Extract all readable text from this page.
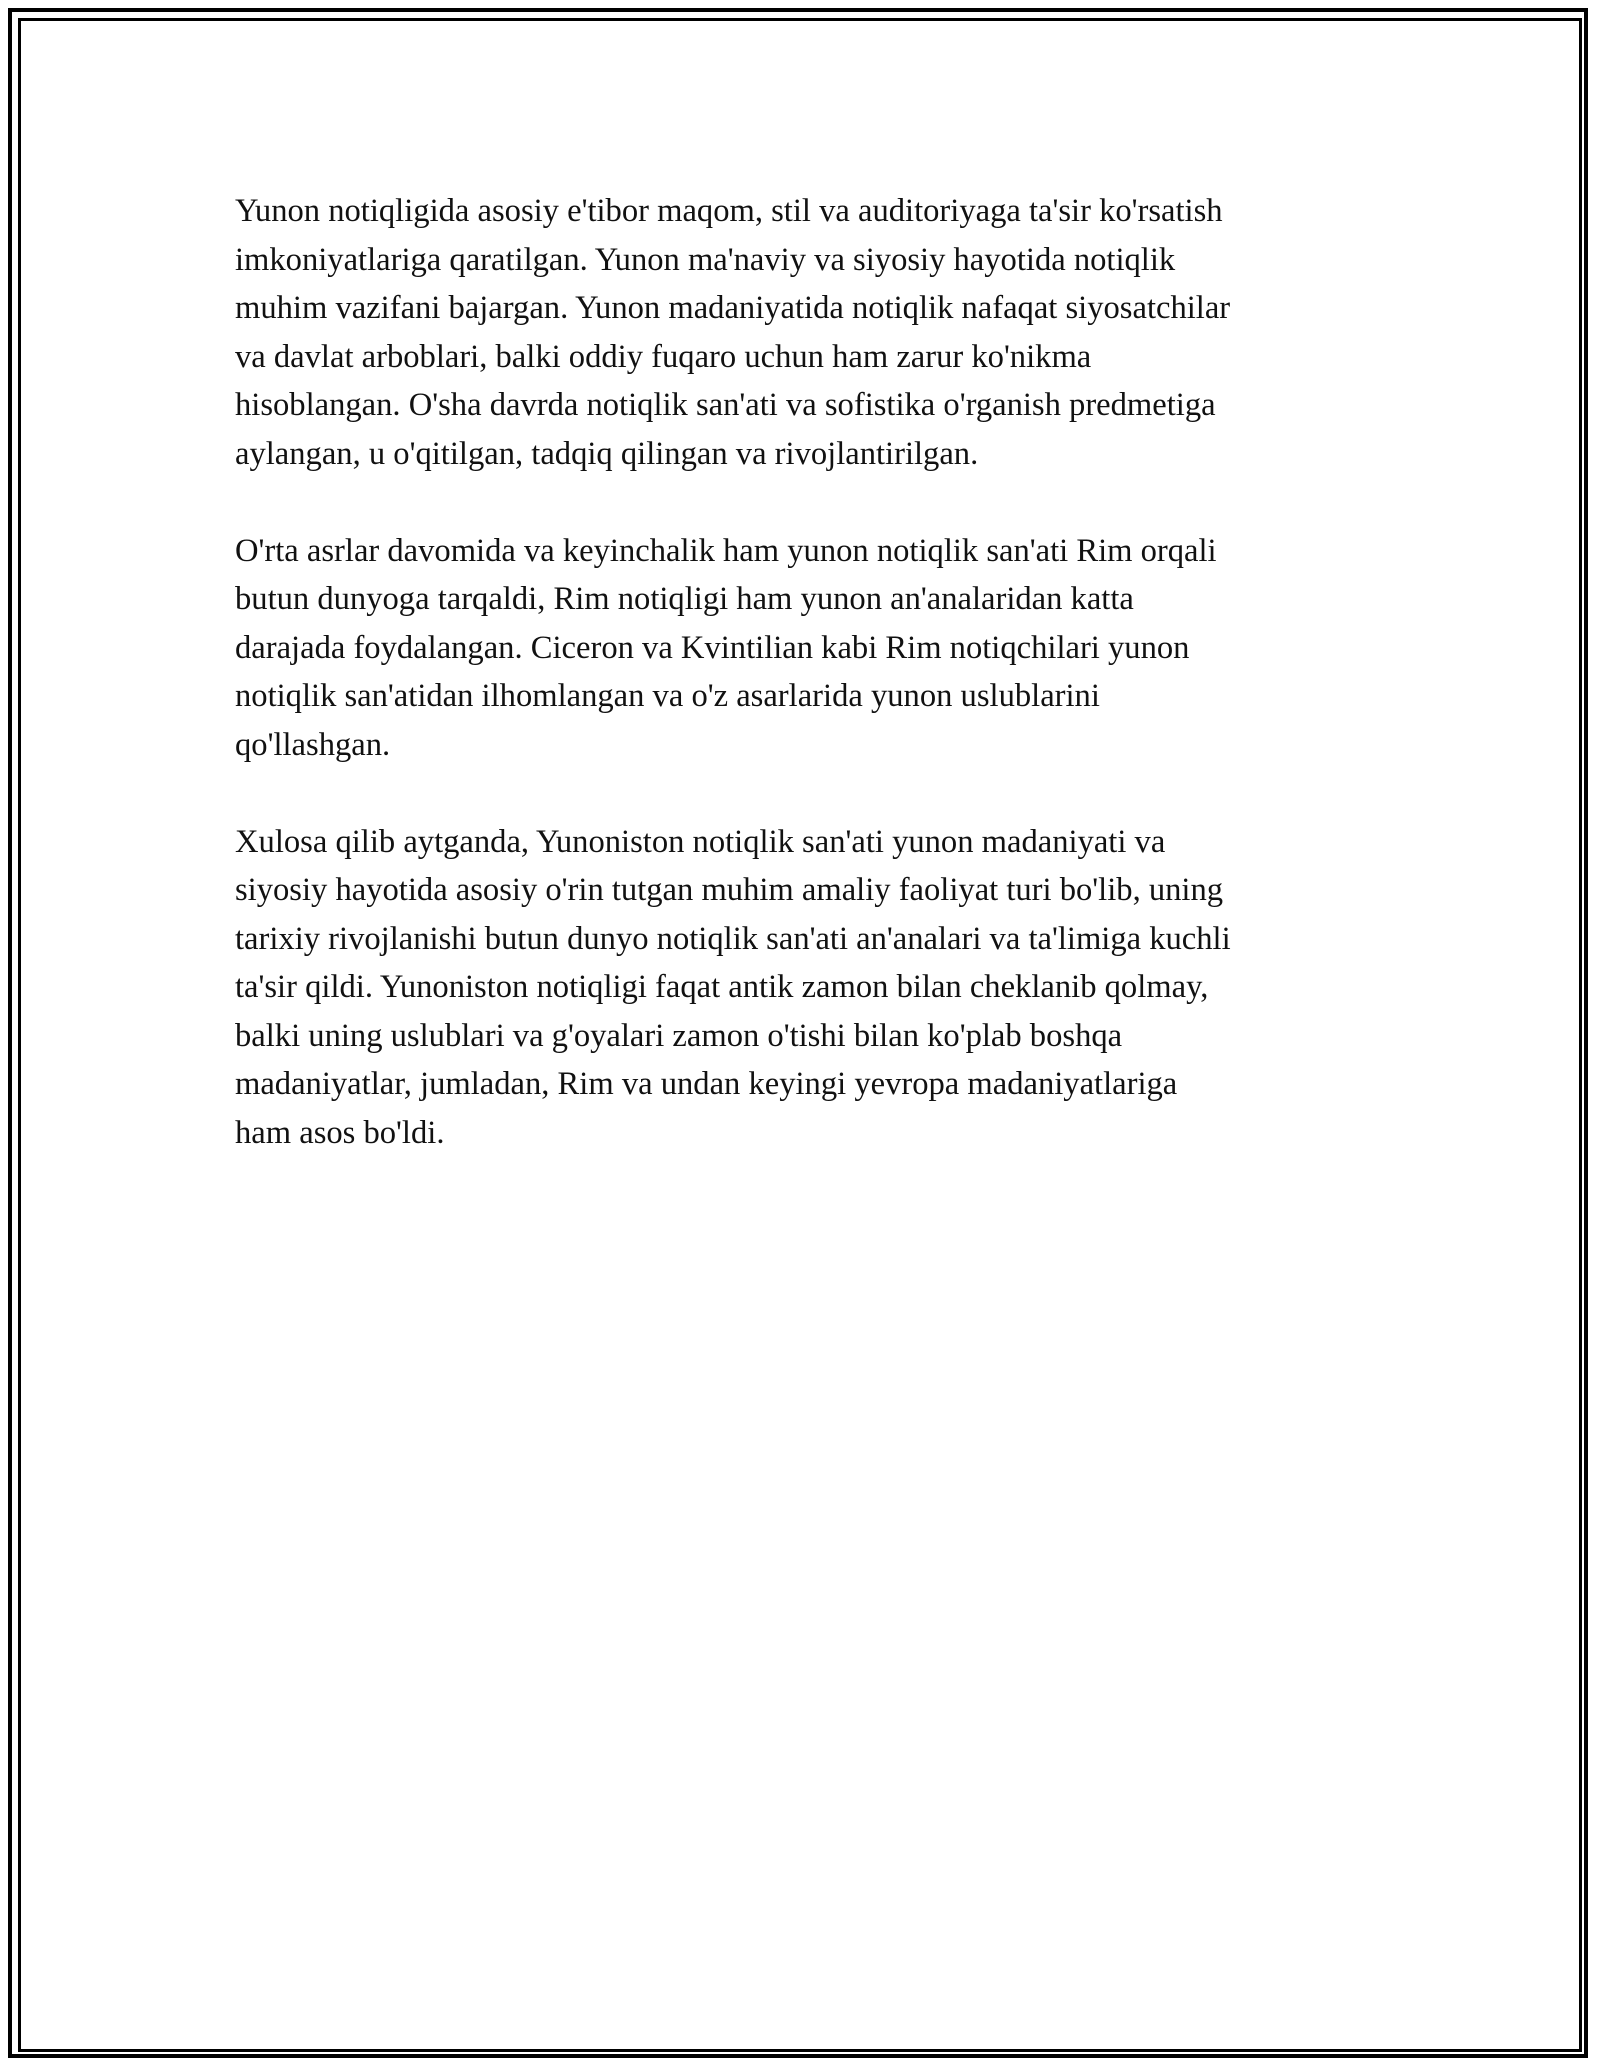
Yunon notiqligida asosiy e'tibor maqom, stil va auditoriyaga ta'sir ko'rsatish
imkoniyatlariga qaratilgan. Yunon ma'naviy va siyosiy hayotida notiqlik
muhim vazifani bajargan. Yunon madaniyatida notiqlik nafaqat siyosatchilar
va davlat arboblari, balki oddiy fuqaro uchun ham zarur ko'nikma
hisoblangan. O'sha davrda notiqlik san'ati va sofistika o'rganish predmetiga
aylangan, u o'qitilgan, tadqiq qilingan va rivojlantirilgan.

O'rta asrlar davomida va keyinchalik ham yunon notiqlik san'ati Rim orqali
butun dunyoga tarqaldi, Rim notiqligi ham yunon an'analaridan katta
darajada foydalangan. Ciceron va Kvintilian kabi Rim notiqchilari yunon
notiqlik san'atidan ilhomlangan va o'z asarlarida yunon uslublarini
qo'llashgan.

Xulosa qilib aytganda, Yunoniston notiqlik san'ati yunon madaniyati va
siyosiy hayotida asosiy o'rin tutgan muhim amaliy faoliyat turi bo'lib, uning
tarixiy rivojlanishi butun dunyo notiqlik san'ati an'analari va ta'limiga kuchli
ta'sir qildi. Yunoniston notiqligi faqat antik zamon bilan cheklanib qolmay,
balki uning uslublari va g'oyalari zamon o'tishi bilan ko'plab boshqa
madaniyatlar, jumladan, Rim va undan keyingi yevropa madaniyatlariga
ham asos bo'ldi.
